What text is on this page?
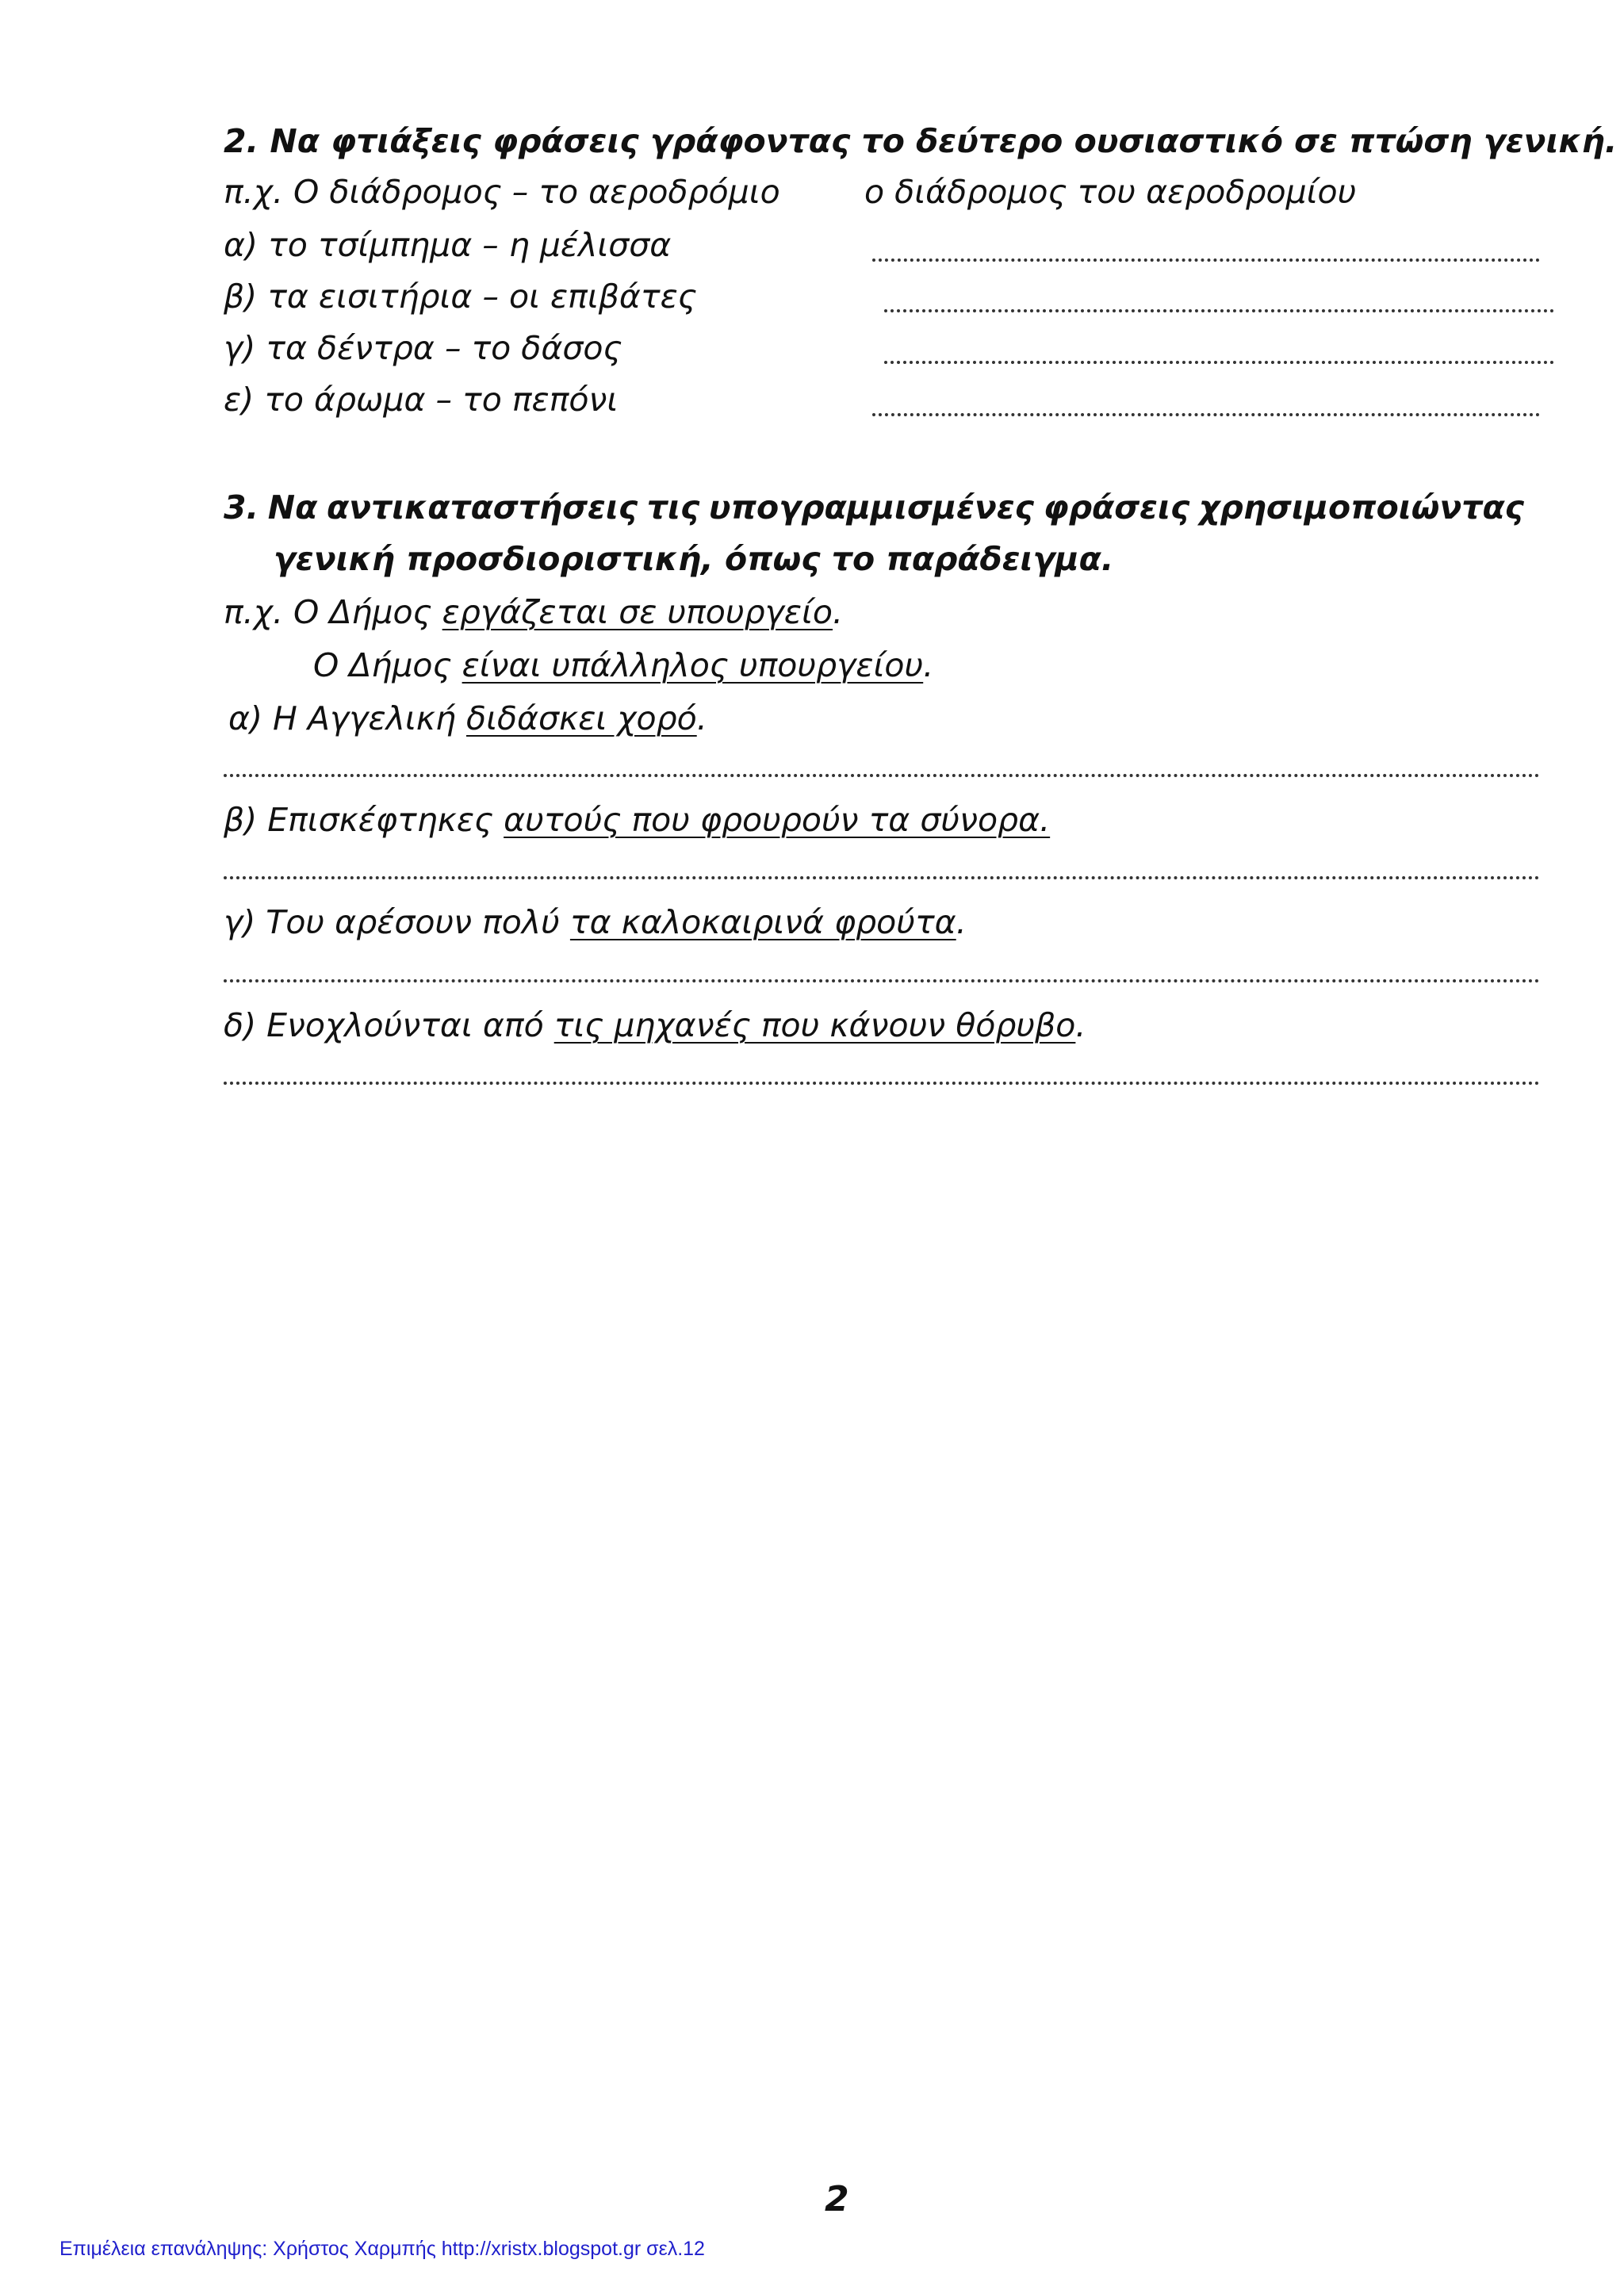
2. Να φτιάξεις φράσεις γράφοντας το δεύτερο ουσιαστικό σε πτώση γενική.
π.χ. Ο διάδρομος – το αεροδρόμιο	ο διάδρομος του αεροδρομίου
α) το τσίμπημα – η μέλισσα
β) τα εισιτήρια – οι επιβάτες
γ) τα δέντρα – το δάσος
ε) το άρωμα – το πεπόνι
3. Να αντικαταστήσεις τις υπογραμμισμένες φράσεις χρησιμοποιώντας
γενική προσδιοριστική, όπως το παράδειγμα.
π.χ. Ο Δήμος εργάζεται σε υπουργείο.
Ο Δήμος είναι υπάλληλος υπουργείου.
α) Η Αγγελική διδάσκει χορό.
β) Επισκέφτηκες αυτούς που φρουρούν τα σύνορα.
γ) Του αρέσουν πολύ τα καλοκαιρινά φρούτα.
δ) Ενοχλούνται από τις μηχανές που κάνουν θόρυβο.
2
Επιμέλεια επανάληψης: Χρήστος Χαρμπής http://xristx.blogspot.gr σελ.12
